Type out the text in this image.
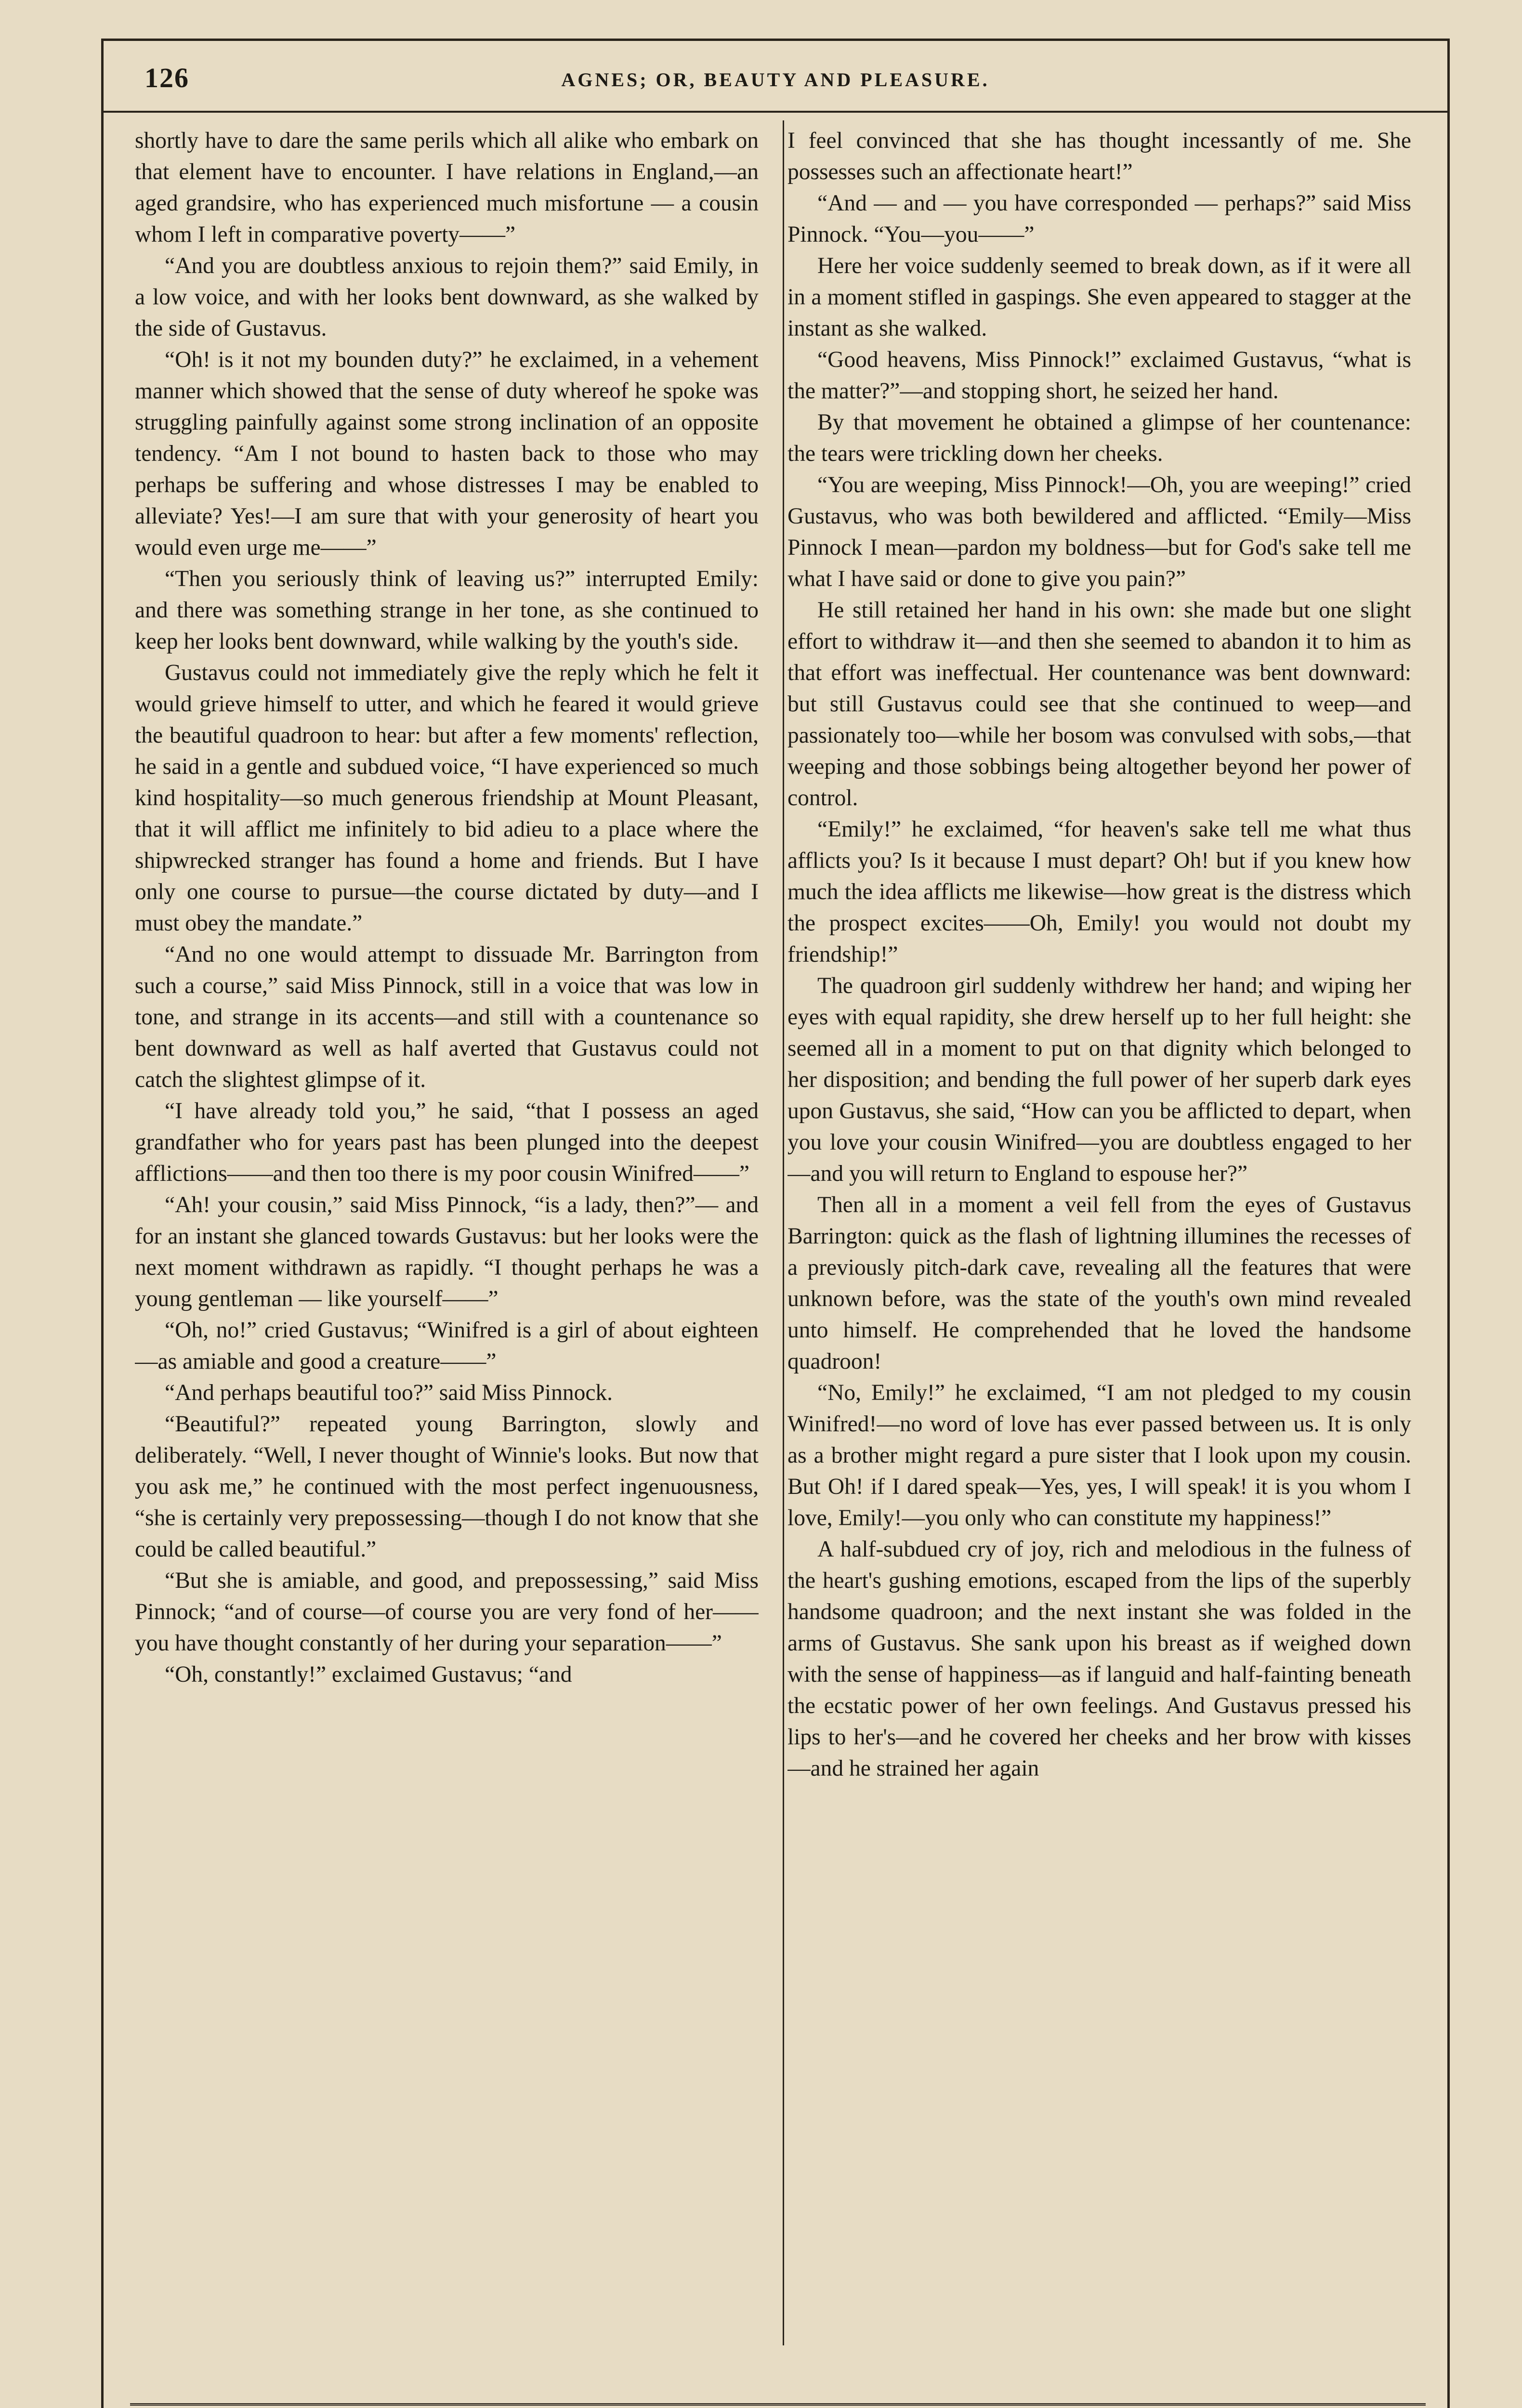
126	AGNES; OR, BEAUTY AND PLEASURE.

shortly have to dare the same perils which all alike who embark on that element have to encounter. I have relations in England,—an aged grandsire, who has experienced much misfortune — a cousin whom I left in comparative poverty——”

“And you are doubtless anxious to rejoin them?” said Emily, in a low voice, and with her looks bent downward, as she walked by the side of Gustavus.

“Oh! is it not my bounden duty?” he exclaimed, in a vehement manner which showed that the sense of duty whereof he spoke was struggling painfully against some strong inclination of an opposite tendency. “Am I not bound to hasten back to those who may perhaps be suffering and whose distresses I may be enabled to alleviate? Yes!—I am sure that with your generosity of heart you would even urge me——”

“Then you seriously think of leaving us?” interrupted Emily: and there was something strange in her tone, as she continued to keep her looks bent downward, while walking by the youth's side.

Gustavus could not immediately give the reply which he felt it would grieve himself to utter, and which he feared it would grieve the beautiful quadroon to hear: but after a few moments' reflection, he said in a gentle and subdued voice, “I have experienced so much kind hospitality—so much generous friendship at Mount Pleasant, that it will afflict me infinitely to bid adieu to a place where the shipwrecked stranger has found a home and friends. But I have only one course to pursue—the course dictated by duty—and I must obey the mandate.”

“And no one would attempt to dissuade Mr. Barrington from such a course,” said Miss Pinnock, still in a voice that was low in tone, and strange in its accents—and still with a countenance so bent downward as well as half averted that Gustavus could not catch the slightest glimpse of it.

“I have already told you,” he said, “that I possess an aged grandfather who for years past has been plunged into the deepest afflictions——and then too there is my poor cousin Winifred——”

“Ah! your cousin,” said Miss Pinnock, “is a lady, then?”— and for an instant she glanced towards Gustavus: but her looks were the next moment withdrawn as rapidly. “I thought perhaps he was a young gentleman — like yourself——”

“Oh, no!” cried Gustavus; “Winifred is a girl of about eighteen—as amiable and good a creature——”

“And perhaps beautiful too?” said Miss Pinnock.

“Beautiful?” repeated young Barrington, slowly and deliberately. “Well, I never thought of Winnie's looks. But now that you ask me,” he continued with the most perfect ingenuousness, “she is certainly very prepossessing—though I do not know that she could be called beautiful.”

“But she is amiable, and good, and prepossessing,” said Miss Pinnock; “and of course—of course you are very fond of her——you have thought constantly of her during your separation——”

“Oh, constantly!” exclaimed Gustavus; “and

I feel convinced that she has thought incessantly of me. She possesses such an affectionate heart!”

“And — and — you have corresponded — perhaps?” said Miss Pinnock. “You—you——”

Here her voice suddenly seemed to break down, as if it were all in a moment stifled in gaspings. She even appeared to stagger at the instant as she walked.

“Good heavens, Miss Pinnock!” exclaimed Gustavus, “what is the matter?”—and stopping short, he seized her hand.

By that movement he obtained a glimpse of her countenance: the tears were trickling down her cheeks.

“You are weeping, Miss Pinnock!—Oh, you are weeping!” cried Gustavus, who was both bewildered and afflicted. “Emily—Miss Pinnock I mean—pardon my boldness—but for God's sake tell me what I have said or done to give you pain?”

He still retained her hand in his own: she made but one slight effort to withdraw it—and then she seemed to abandon it to him as that effort was ineffectual. Her countenance was bent downward: but still Gustavus could see that she continued to weep—and passionately too—while her bosom was convulsed with sobs,—that weeping and those sobbings being altogether beyond her power of control.

“Emily!” he exclaimed, “for heaven's sake tell me what thus afflicts you? Is it because I must depart? Oh! but if you knew how much the idea afflicts me likewise—how great is the distress which the prospect excites——Oh, Emily! you would not doubt my friendship!”

The quadroon girl suddenly withdrew her hand; and wiping her eyes with equal rapidity, she drew herself up to her full height: she seemed all in a moment to put on that dignity which belonged to her disposition; and bending the full power of her superb dark eyes upon Gustavus, she said, “How can you be afflicted to depart, when you love your cousin Winifred—you are doubtless engaged to her—and you will return to England to espouse her?”

Then all in a moment a veil fell from the eyes of Gustavus Barrington: quick as the flash of lightning illumines the recesses of a previously pitch-dark cave, revealing all the features that were unknown before, was the state of the youth's own mind revealed unto himself. He comprehended that he loved the handsome quadroon!

“No, Emily!” he exclaimed, “I am not pledged to my cousin Winifred!—no word of love has ever passed between us. It is only as a brother might regard a pure sister that I look upon my cousin. But Oh! if I dared speak—Yes, yes, I will speak! it is you whom I love, Emily!—you only who can constitute my happiness!”

A half-subdued cry of joy, rich and melodious in the fulness of the heart's gushing emotions, escaped from the lips of the superbly handsome quadroon; and the next instant she was folded in the arms of Gustavus. She sank upon his breast as if weighed down with the sense of happiness—as if languid and half-fainting beneath the ecstatic power of her own feelings. And Gustavus pressed his lips to her's—and he covered her cheeks and her brow with kisses—and he strained her again
